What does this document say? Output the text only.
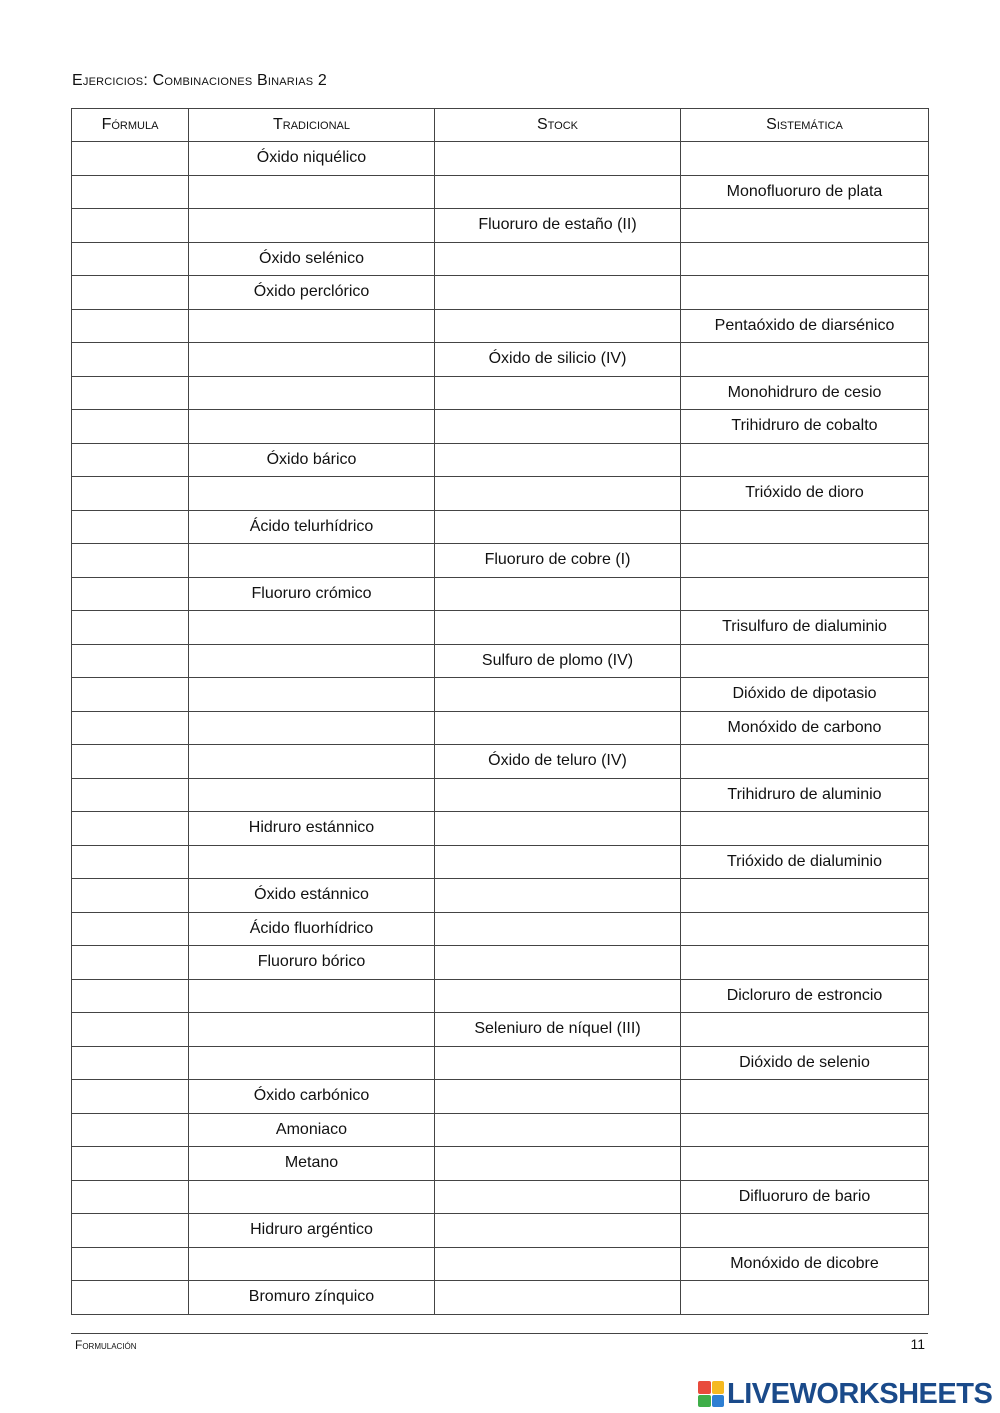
Ejercicios: Combinaciones Binarias 2
Fórmula	Tradicional	Stock	Sistemática
	Óxido niquélico		
			Monofluoruro de plata
		Fluoruro de estaño (II)	
	Óxido selénico		
	Óxido perclórico		
			Pentaóxido de diarsénico
		Óxido de silicio (IV)	
			Monohidruro de cesio
			Trihidruro de cobalto
	Óxido bárico		
			Trióxido de dioro
	Ácido telurhídrico		
		Fluoruro de cobre (I)	
	Fluoruro crómico		
			Trisulfuro de dialuminio
		Sulfuro de plomo (IV)	
			Dióxido de dipotasio
			Monóxido de carbono
		Óxido de teluro (IV)	
			Trihidruro de aluminio
	Hidruro estánnico		
			Trióxido de dialuminio
	Óxido estánnico		
	Ácido fluorhídrico		
	Fluoruro bórico		
			Dicloruro de estroncio
		Seleniuro de níquel (III)	
			Dióxido de selenio
	Óxido carbónico		
	Amoniaco		
	Metano		
			Difluoruro de bario
	Hidruro argéntico		
			Monóxido de dicobre
	Bromuro zínquico		
Formulación	11
LIVEWORKSHEETS
